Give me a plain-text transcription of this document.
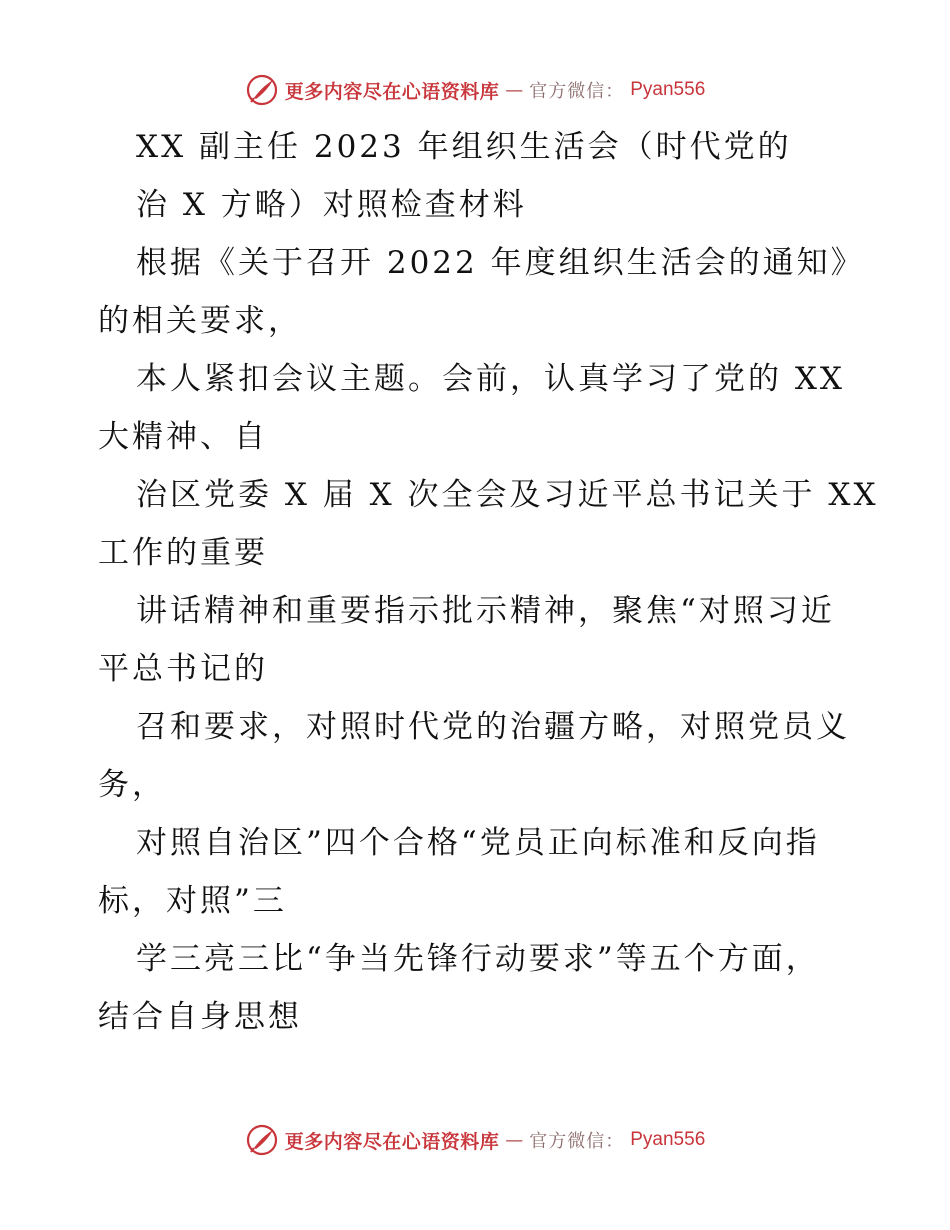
更多内容尽在心语资料库 — 官方微信： Pyan556
XX 副主任 2023 年组织生活会（时代党的
治 X 方略）对照检查材料
根据《关于召开 2022 年度组织生活会的通知》
的相关要求，
本人紧扣会议主题。会前，认真学习了党的 XX
大精神、自
治区党委 X 届 X 次全会及习近平总书记关于 XX
工作的重要
讲话精神和重要指示批示精神，聚焦“对照习近
平总书记的
召和要求，对照时代党的治疆方略，对照党员义
务，
对照自治区”四个合格“党员正向标准和反向指
标，对照”三
学三亮三比“争当先锋行动要求”等五个方面，
结合自身思想
更多内容尽在心语资料库 — 官方微信： Pyan556
